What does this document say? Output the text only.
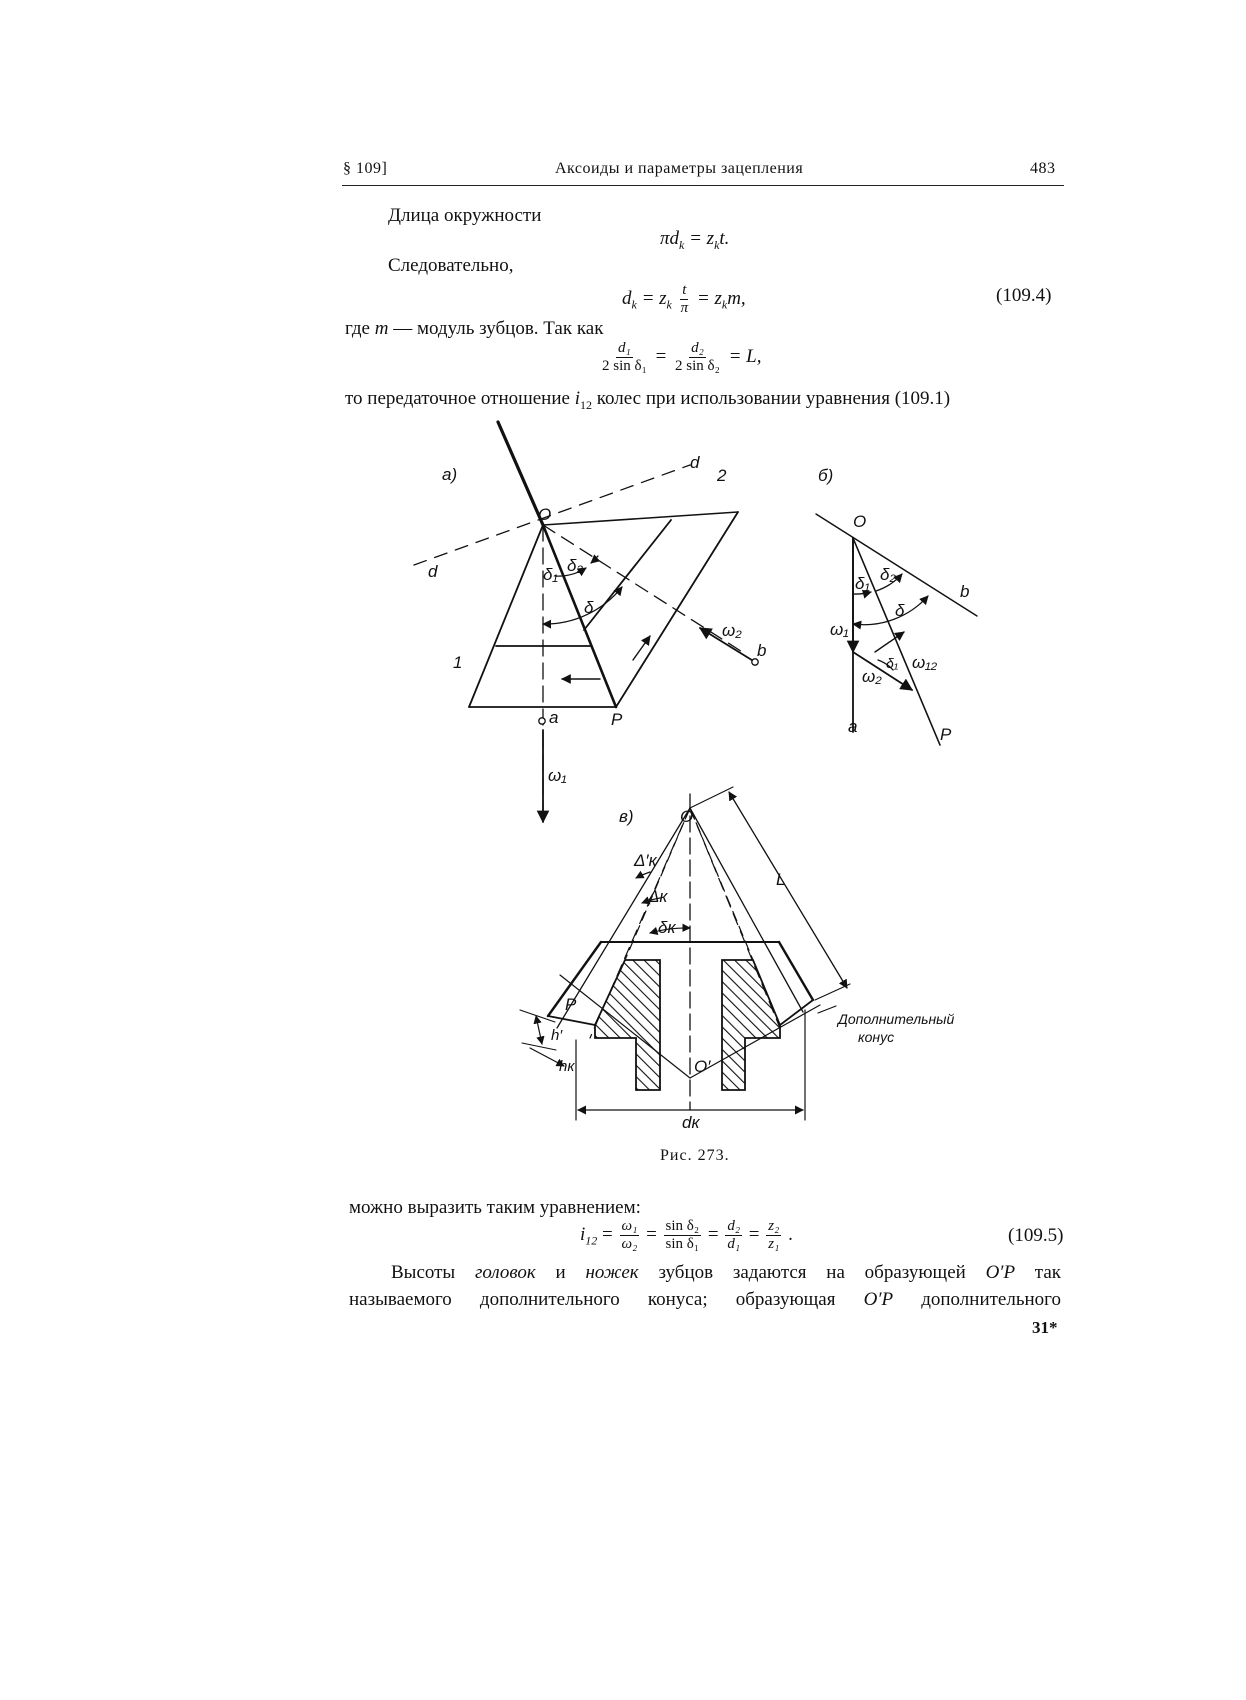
§ 109]	Аксоиды и параметры зацепления	483
Длица окружности
$\pi d_k = z_kt$.
Следовательно,
$d_k = z_k \frac{t}{\pi} = z_km$,	(109.4)
где m — модуль зубцов. Так как
$\frac{\text{d₁}}{\text{2 sin δ₁}} = \frac{\text{d₂}}{\text{2 sin δ₂}} = L$,
то передаточное отношение $i_{12}$ колес при использовании уравнения (109.1)
а)
O
d
d
2
1
δ₁ δ₂
δ
ω₂
b
a	P
ω₁
б)
O
b
δ₁ δ₂
δ
ω₁
ω₁₂
ω₂
δ₁
a	P
в)	O
L
Δ′к
Δк
δк
P
h′
hк	O′
dк
Дополнительный
конус
Рис. 273.
можно выразить таким уравнением:
$i_{12} = \frac{\text{ω₁}}{\text{ω₂}} = \frac{\text{sin δ₂}}{\text{sin δ₁}} = \frac{\text{d₂}}{\text{d₁}} = \frac{\text{z₂}}{\text{z₁}}$ .	(109.5)
Высоты головок и ножек зубцов задаются на образующей O′P так
называемого дополнительного конуса; образующая O′P дополнительного
31*
